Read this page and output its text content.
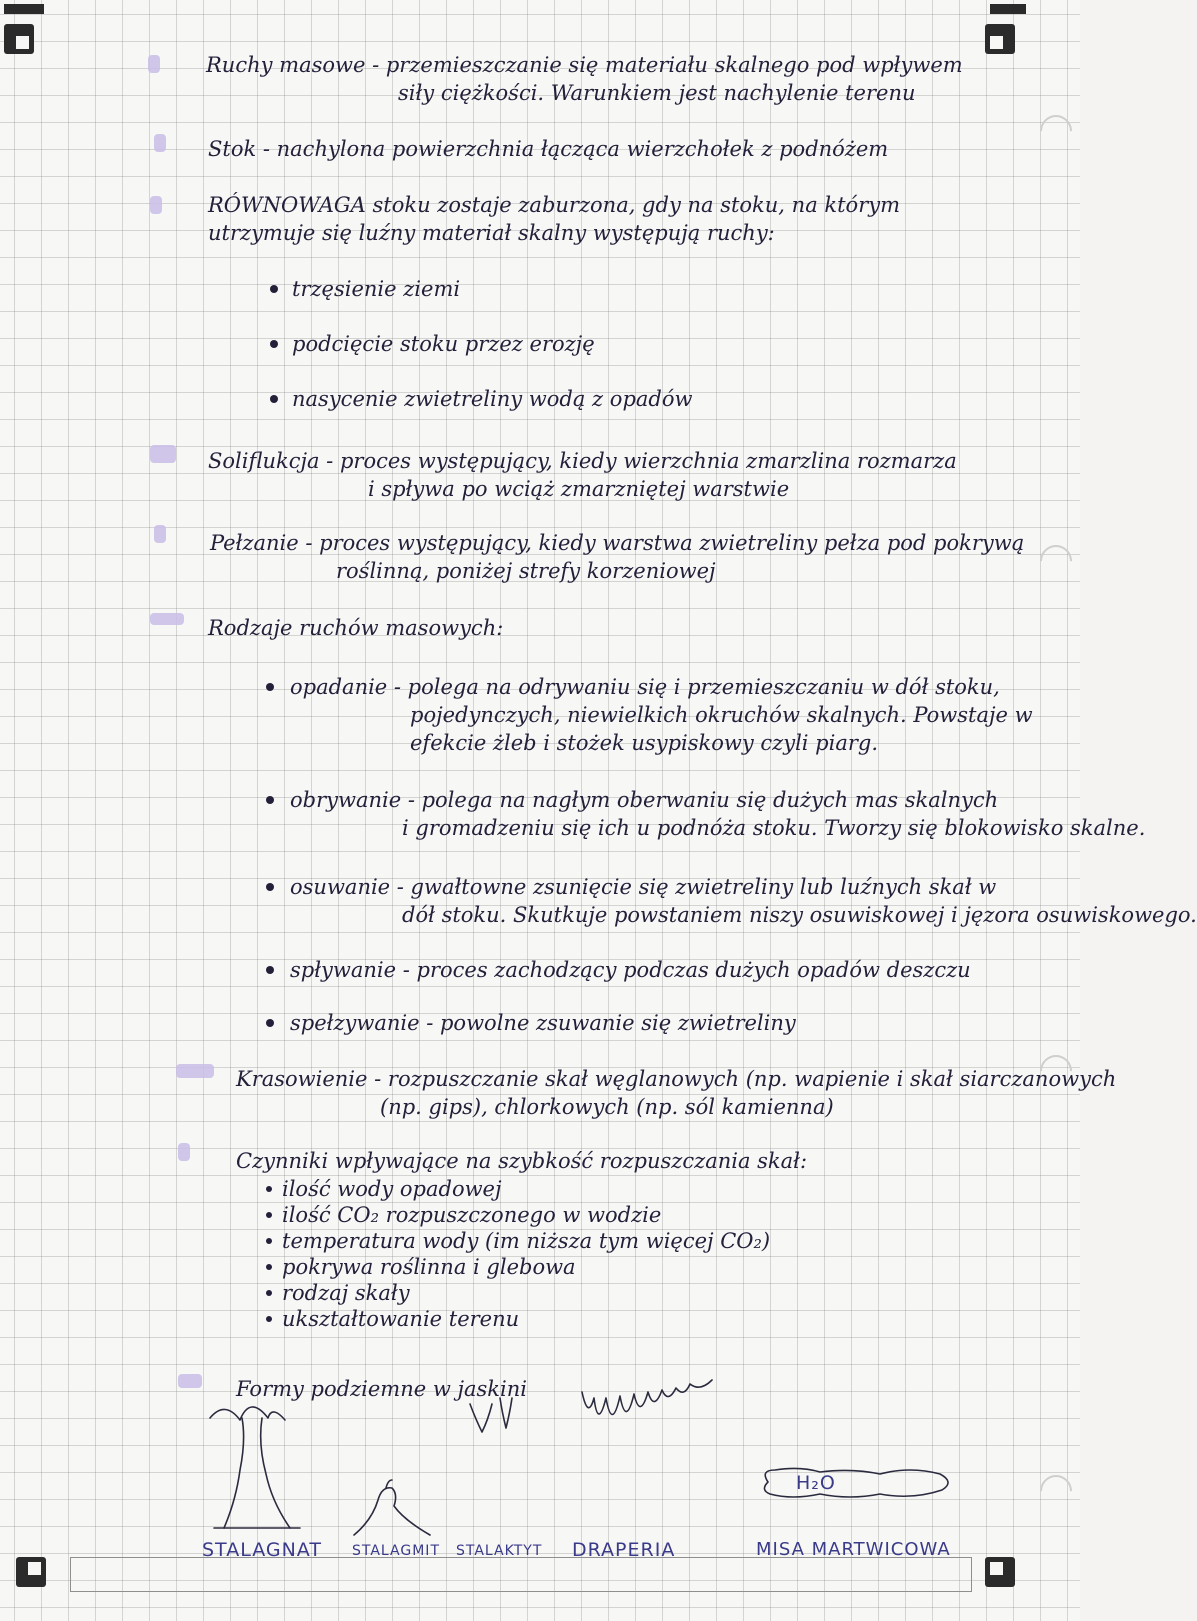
Ruchy masowe - przemieszczanie się materiału skalnego pod wpływem

siły ciężkości. Warunkiem jest nachylenie terenu

Stok - nachylona powierzchnia łącząca wierzchołek z podnóżem

RÓWNOWAGA stoku zostaje zaburzona, gdy na stoku, na którym

utrzymuje się luźny materiał skalny występują ruchy:

trzęsienie ziemi

podcięcie stoku przez erozję

nasycenie zwietreliny wodą z opadów

Soliflukcja - proces występujący, kiedy wierzchnia zmarzlina rozmarza

i spływa po wciąż zmarzniętej warstwie

Pełzanie - proces występujący, kiedy warstwa zwietreliny pełza pod pokrywą

roślinną, poniżej strefy korzeniowej

Rodzaje ruchów masowych:

opadanie - polega na odrywaniu się i przemieszczaniu w dół stoku,

pojedynczych, niewielkich okruchów skalnych. Powstaje w

efekcie żleb i stożek usypiskowy czyli piarg.

obrywanie - polega na nagłym oberwaniu się dużych mas skalnych

i gromadzeniu się ich u podnóża stoku. Tworzy się blokowisko skalne.

osuwanie - gwałtowne zsunięcie się zwietreliny lub luźnych skał w

dół stoku. Skutkuje powstaniem niszy osuwiskowej i jęzora osuwiskowego.

spływanie - proces zachodzący podczas dużych opadów deszczu

spełzywanie - powolne zsuwanie się zwietreliny

Krasowienie - rozpuszczanie skał węglanowych (np. wapienie i skał siarczanowych

(np. gips), chlorkowych (np. sól kamienna)

Czynniki wpływające na szybkość rozpuszczania skał:

ilość wody opadowej

ilość CO₂ rozpuszczonego w wodzie

temperatura wody (im niższa tym więcej CO₂)

pokrywa roślinna i glebowa

rodzaj skały

ukształtowanie terenu

Formy podziemne w jaskini

H₂O

STALAGNAT STALAGMIT STALAKTYT DRAPERIA	MISA MARTWICOWA
